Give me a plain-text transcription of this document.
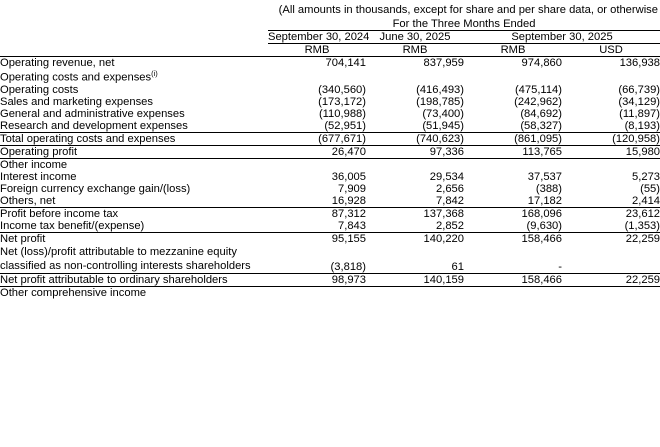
(All amounts in thousands, except for share and per share data, or otherwise
	For the Three Months Ended			
	September 30, 2024	June 30, 2025	September 30, 2025	
	RMB	RMB	RMB	USD
Operating revenue, net	704,141	837,959	974,860	136,938
Operating costs and expenses$^{(i)}$				
Operating costs	(340,560)	(416,493)	(475,114)	(66,739)
Sales and marketing expenses	(173,172)	(198,785)	(242,962)	(34,129)
General and administrative expenses	(110,988)	(73,400)	(84,692)	(11,897)
Research and development expenses	(52,951)	(51,945)	(58,327)	(8,193)
Total operating costs and expenses	(677,671)	(740,623)	(861,095)	(120,958)
Operating profit	26,470	97,336	113,765	15,980
Other income				
Interest income	36,005	29,534	37,537	5,273
Foreign currency exchange gain/(loss)	7,909	2,656	(388)	(55)
Others, net	16,928	7,842	17,182	2,414
Profit before income tax	87,312	137,368	168,096	23,612
Income tax benefit/(expense)	7,843	2,852	(9,630)	(1,353)
Net profit	95,155	140,220	158,466	22,259
Net (loss)/profit attributable to mezzanine equity classified as non-controlling interests shareholders	(3,818)	61	-	
Net profit attributable to ordinary shareholders	98,973	140,159	158,466	22,259
Other comprehensive income				
